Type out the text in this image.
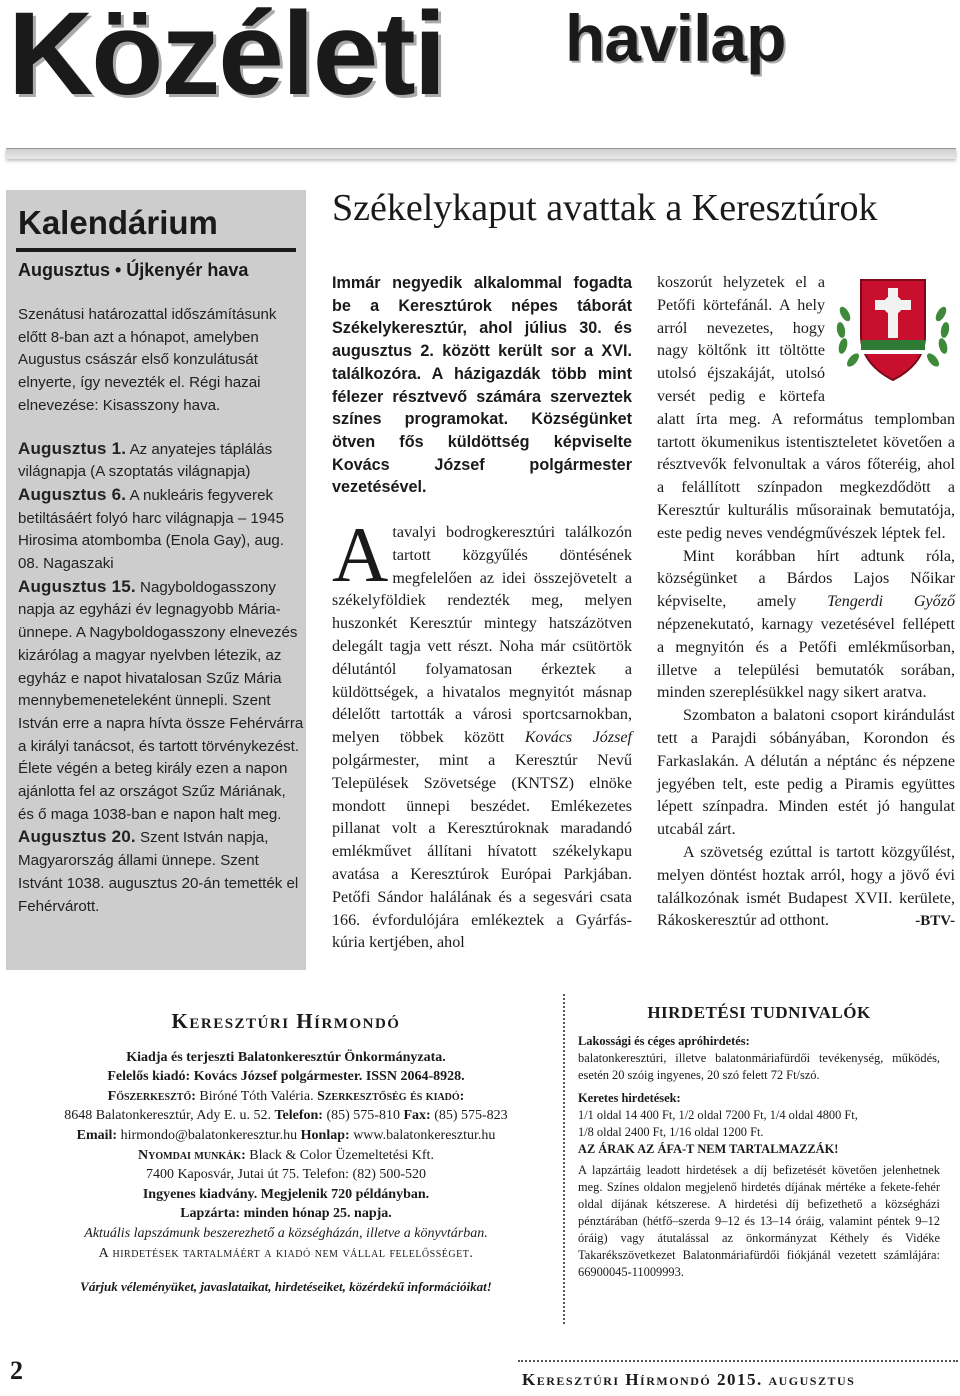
Közéleti havilap
Kalendárium
Augusztus • Újkenyér hava

Szenátusi határozattal időszámításunk előtt 8-ban azt a hónapot, amelyben Augustus császár első konzulátusát elnyerte, így nevezték el. Régi hazai elnevezése: Kisasszony hava.

Augusztus 1. Az anyatejes táplálás világnapja (A szoptatás világnapja)

Augusztus 6. A nukleáris fegyverek betiltásáért folyó harc világnapja – 1945 Hirosima atombomba (Enola Gay), aug. 08. Nagaszaki

Augusztus 15. Nagyboldogasszony napja az egyházi év legnagyobb Mária-ünnepe. A Nagyboldogasszony elnevezés kizárólag a magyar nyelvben létezik, az egyház e napot hivatalosan Szűz Mária mennybemeneteleként ünnepli. Szent István erre a napra hívta össze Fehérvárra a királyi tanácsot, és tartott törvénykezést. Élete végén a beteg király ezen a napon ajánlotta fel az országot Szűz Máriának, és ő maga 1038-ban e napon halt meg.

Augusztus 20. Szent István napja, Magyarország állami ünnepe. Szent Istvánt 1038. augusztus 20-án temették el Fehérvárott.

Székelykaput avattak a Keresztúrok
Immár negyedik alkalommal fogadta be a Keresztúrok népes táborát Székelykeresztúr, ahol július 30. és augusztus 2. között került sor a XVI. találkozóra. A házigazdák több mint félezer résztvevő számára szerveztek színes programokat. Községünket ötven fős küldöttség képviselte Kovács József polgármester vezetésével.

Atavalyi bodrogkeresztúri találkozón tartott közgyűlés döntésének megfelelően az idei összejövetelt a székelyföldiek rendezték meg, melyen huszonkét Keresztúr mintegy hatszázötven delegált tagja vett részt. Noha már csütörtök délutántól folyamatosan érkeztek a küldöttségek, a hivatalos megnyitót másnap délelőtt tartották a városi sportcsarnokban, melyen többek között Kovács József polgármester, mint a Keresztúr Nevű Települések Szövetsége (KNTSZ) elnöke mondott ünnepi beszédet. Emlékezetes pillanat volt a Keresztúroknak maradandó emlékművet állítani hívatott székelykapu avatása a Keresztúrok Európai Parkjában. Petőfi Sándor halálának és a segesvári csata 166. évfordulójára emlékeztek a Gyárfás-kúria kertjében, ahol

koszorút helyzetek el a Petőfi körtefánál. A hely arról nevezetes, hogy nagy költőnk itt töltötte utolsó éjszakáját, utolsó versét pedig e körtefa alatt írta meg. A református templomban tartott ökumenikus istentiszteletet követően a résztvevők felvonultak a város főteréig, ahol a felállított színpadon megkezdődött a Keresztúr kulturális műsorainak bemutatója, este pedig neves vendégművészek léptek fel.

Mint korábban hírt adtunk róla, községünket a Bárdos Lajos Nőikar képviselte, amely Tengerdi Győző népzenekutató, karnagy vezetésével fellépett a megnyitón és a Petőfi emlékműsorban, illetve a települési bemutatók sorában, minden szereplésükkel nagy sikert aratva.

Szombaton a balatoni csoport kirándulást tett a Parajdi sóbányában, Korondon és Farkaslakán. A délután a néptánc és népzene jegyében telt, este pedig a Piramis együttes lépett színpadra. Minden estét jó hangulat utcabál zárt.

A szövetség ezúttal is tartott közgyűlést, melyen döntést hoztak arról, hogy a jövő évi találkozónak ismét Budapest XVII. kerülete, Rákoskeresztúr ad otthont.	-BTV-

Keresztúri Hírmondó

Kiadja és terjeszti Balatonkeresztúr Önkormányzata.

Felelős kiadó: Kovács József polgármester. ISSN 2064-8928.

Főszerkesztő: Biróné Tóth Valéria. Szerkesztőség és kiadó:

8648 Balatonkeresztúr, Ady E. u. 52. Telefon: (85) 575-810 Fax: (85) 575-823

Email: hirmondo@balatonkeresztur.hu Honlap: www.balatonkeresztur.hu

Nyomdai munkák: Black & Color Üzemeltetési Kft.

7400 Kaposvár, Jutai út 75. Telefon: (82) 500-520

Ingyenes kiadvány. Megjelenik 720 példányban.

Lapzárta: minden hónap 25. napja.

Aktuális lapszámunk beszerezhető a községházán, illetve a könyvtárban.

A hirdetések tartalmáért a kiadó nem vállal felelősséget.

Várjuk véleményüket, javaslataikat, hirdetéseiket, közérdekű információikat!

HIRDETÉSI TUDNIVALÓK

Lakossági és céges apróhirdetés:

balatonkeresztúri, illetve balatonmáriafürdői tevékenység, működés, esetén 20 szóig ingyenes, 20 szó felett 72 Ft/szó.

Keretes hirdetések:

1/1 oldal 14 400 Ft, 1/2 oldal 7200 Ft, 1/4 oldal 4800 Ft,

1/8 oldal 2400 Ft, 1/16 oldal 1200 Ft.

AZ ÁRAK AZ ÁFA-T NEM TARTALMAZZÁK!

A lapzártáig leadott hirdetések a díj befizetését követően jelenhetnek meg. Színes oldalon megjelenő hirdetés díjának mértéke a fekete-fehér oldal díjának kétszerese. A hirdetési díj befizethető a községházi pénztárában (hétfő–szerda 9–12 és 13–14 óráig, valamint péntek 9–12 óráig) vagy átutalással az önkormányzat Kéthely és Vidéke Takarékszövetkezet Balatonmáriafürdői fiókjánál vezetett számlájára: 66900045-11009993.

2	Keresztúri Hírmondó 2015. augusztus
